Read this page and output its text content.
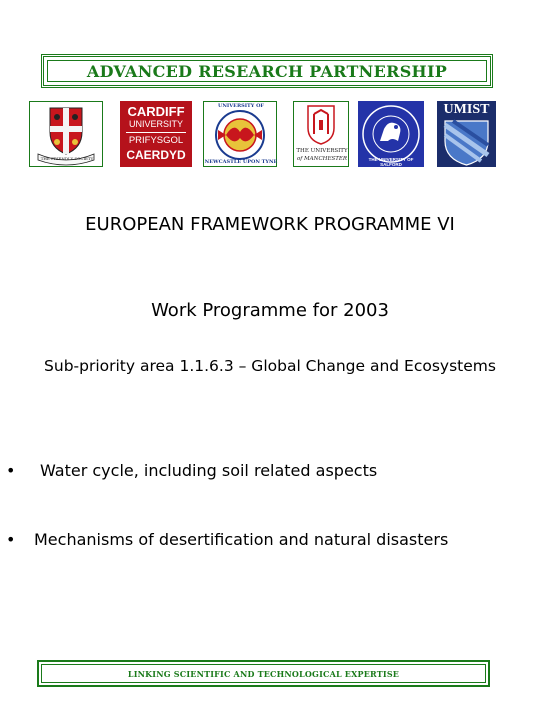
ADVANCED RESEARCH PARTNERSHIP
THE FRIENDLY SOCIETY
CARDIFF
UNIVERSITY
PRIFYSGOL
CAERDYD
UNIVERSITY OF
NEWCASTLE UPON TYNE
THE UNIVERSITY
of MANCHESTER	THE UNIVERSITY OF SALFORD
UMIST
EUROPEAN FRAMEWORK PROGRAMME VI
Work Programme for 2003
Sub-priority area 1.1.6.3 – Global Change and Ecosystems
•	Water cycle, including soil related aspects
•	Mechanisms of desertification and natural disasters
LINKING SCIENTIFIC AND TECHNOLOGICAL EXPERTISE
